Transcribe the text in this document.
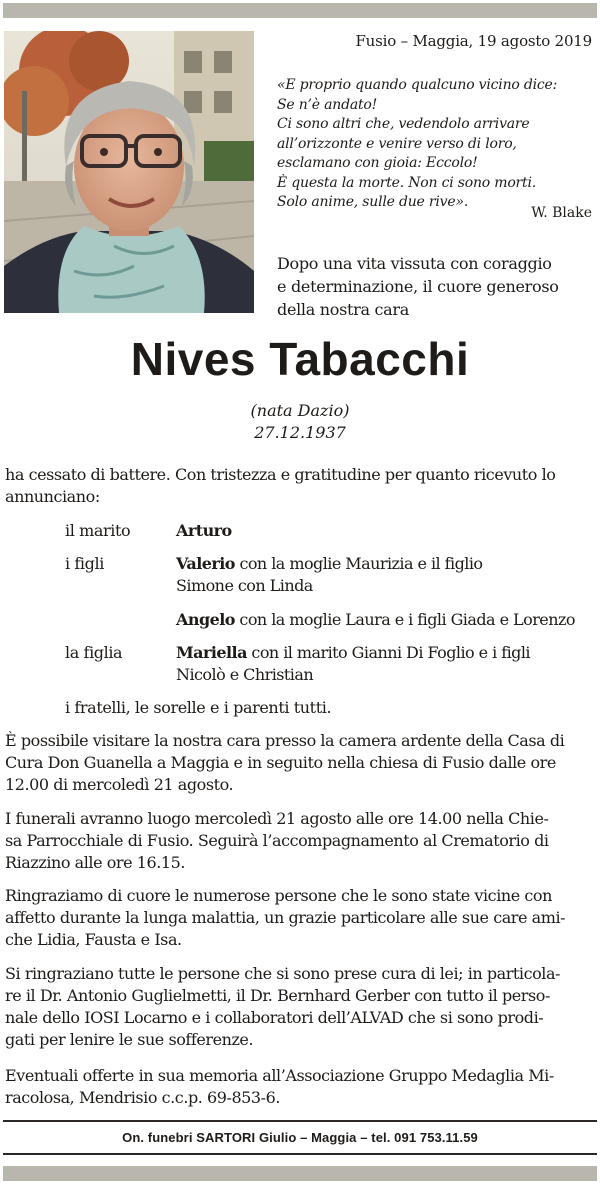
Fusio – Maggia, 19 agosto 2019
«E proprio quando qualcuno vicino dice:
Se n’è andato!
Ci sono altri che, vedendolo arrivare
all’orizzonte e venire verso di loro,
esclamano con gioia: Eccolo!
È questa la morte. Non ci sono morti.
Solo anime, sulle due rive».
W. Blake
Dopo una vita vissuta con coraggio
e determinazione, il cuore generoso
della nostra cara
Nives Tabacchi
(nata Dazio)
27.12.1937
ha cessato di battere. Con tristezza e gratitudine per quanto ricevuto lo
annunciano:
il marito	Arturo
i figli	Valerio con la moglie Maurizia e il figlio
Simone con Linda
Angelo con la moglie Laura e i figli Giada e Lorenzo
la figlia	Mariella con il marito Gianni Di Foglio e i figli
Nicolò e Christian
i fratelli, le sorelle e i parenti tutti.
È possibile visitare la nostra cara presso la camera ardente della Casa di
Cura Don Guanella a Maggia e in seguito nella chiesa di Fusio dalle ore
12.00 di mercoledì 21 agosto.
I funerali avranno luogo mercoledì 21 agosto alle ore 14.00 nella Chie-
sa Parrocchiale di Fusio. Seguirà l’accompagnamento al Crematorio di
Riazzino alle ore 16.15.
Ringraziamo di cuore le numerose persone che le sono state vicine con
affetto durante la lunga malattia, un grazie particolare alle sue care ami-
che Lidia, Fausta e Isa.
Si ringraziano tutte le persone che si sono prese cura di lei; in particola-
re il Dr. Antonio Guglielmetti, il Dr. Bernhard Gerber con tutto il perso-
nale dello IOSI Locarno e i collaboratori dell’ALVAD che si sono prodi-
gati per lenire le sue sofferenze.
Eventuali offerte in sua memoria all’Associazione Gruppo Medaglia Mi-
racolosa, Mendrisio c.c.p. 69-853-6.
On. funebri SARTORI Giulio – Maggia – tel. 091 753.11.59
